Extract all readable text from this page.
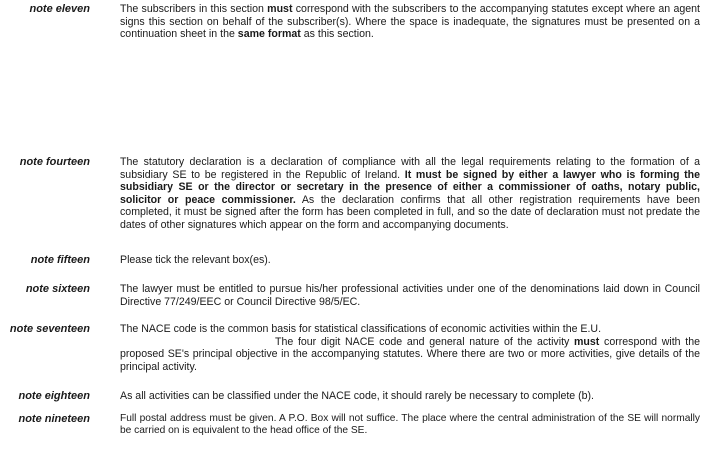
note eleven	The subscribers in this section must correspond with the subscribers to the accompanying statutes except where an agent signs this section on behalf of the subscriber(s). Where the space is inadequate, the signatures must be presented on a continuation sheet in the same format as this section.

note fourteen	The statutory declaration is a declaration of compliance with all the legal requirements relating to the formation of a subsidiary SE to be registered in the Republic of Ireland. It must be signed by either a lawyer who is forming the subsidiary SE or the director or secretary in the presence of either a commissioner of oaths, notary public, solicitor or peace commissioner. As the declaration confirms that all other registration requirements have been completed, it must be signed after the form has been completed in full, and so the date of declaration must not predate the dates of other signatures which appear on the form and accompanying documents.

note fifteen	Please tick the relevant box(es).

note sixteen	The lawyer must be entitled to pursue his/her professional activities under one of the denominations laid down in Council Directive 77/249/EEC or Council Directive 98/5/EC.

note seventeen	The NACE code is the common basis for statistical classifications of economic activities within the E.U.

The four digit NACE code and general nature of the activity must correspond with the proposed SE's principal objective in the accompanying statutes. Where there are two or more activities, give details of the principal activity.

note eighteen	As all activities can be classified under the NACE code, it should rarely be necessary to complete (b).

note nineteen	Full postal address must be given. A P.O. Box will not suffice. The place where the central administration of the SE will normally be carried on is equivalent to the head office of the SE.
